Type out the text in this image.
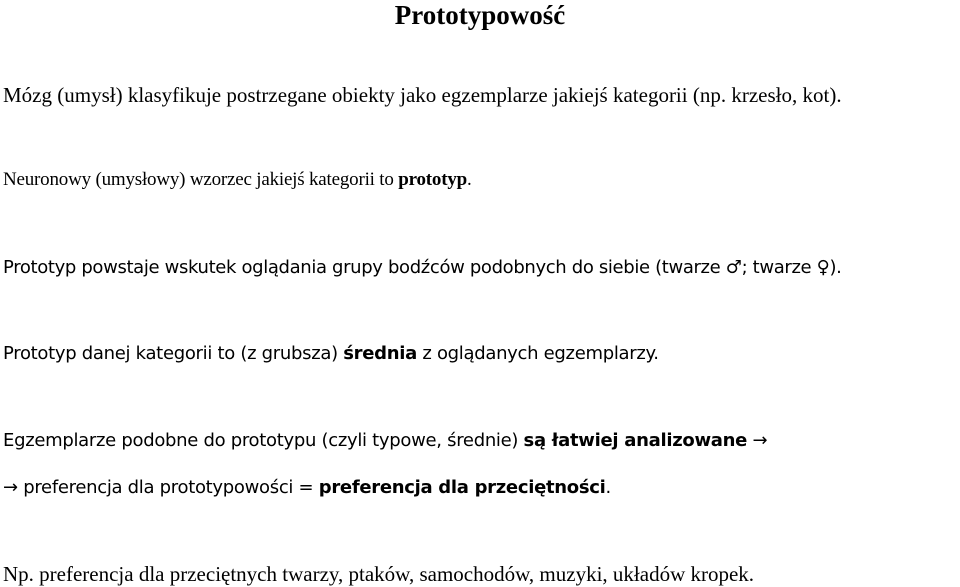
Prototypowość
Mózg (umysł) klasyfikuje postrzegane obiekty jako egzemplarze jakiejś kategorii (np. krzesło, kot).
Neuronowy (umysłowy) wzorzec jakiejś kategorii to prototyp.
Prototyp powstaje wskutek oglądania grupy bodźców podobnych do siebie (twarze ♂; twarze ♀).
Prototyp danej kategorii to (z grubsza) średnia z oglądanych egzemplarzy.
Egzemplarze podobne do prototypu (czyli typowe, średnie) są łatwiej analizowane →
→ preferencja dla prototypowości = preferencja dla przeciętności.
Np. preferencja dla przeciętnych twarzy, ptaków, samochodów, muzyki, układów kropek.
